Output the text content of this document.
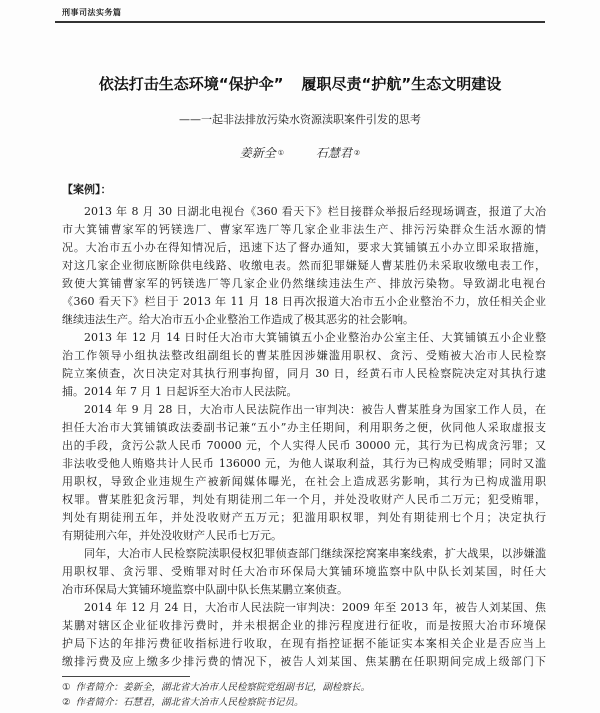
刑事司法实务篇
依法打击生态环境“保护伞” 履职尽责“护航”生态文明建设
——一起非法排放污染水资源渎职案件引发的思考
姜新全 ①	石慧君 ②
【案例】：
2013 年 8 月 30 日湖北电视台《360 看天下》栏目接群众举报后经现场调查，报道了大冶
市大箕铺曹家军的钙镁选厂、曹家军选厂等几家企业非法生产、排污污染群众生活水源的情
况。大冶市五小办在得知情况后，迅速下达了督办通知，要求大箕铺镇五小办立即采取措施，
对这几家企业彻底断除供电线路、收缴电表。然而犯罪嫌疑人曹某胜仍未采取收缴电表工作，
致使大箕铺曹家军的钙镁选厂等几家企业仍然继续违法生产、排放污染物。导致湖北电视台
《360 看天下》栏目于 2013 年 11 月 18 日再次报道大冶市五小企业整治不力，放任相关企业
继续违法生产。给大冶市五小企业整治工作造成了极其恶劣的社会影响。
2013 年 12 月 14 日时任大冶市大箕铺镇五小企业整治办公室主任、大箕铺镇五小企业整
治工作领导小组执法整改组副组长的曹某胜因涉嫌滥用职权、贪污、受贿被大冶市人民检察
院立案侦查，次日决定对其执行刑事拘留，同月 30 日，经黄石市人民检察院决定对其执行逮
捕。2014 年 7 月 1 日起诉至大冶市人民法院。
2014 年 9 月 28 日，大冶市人民法院作出一审判决：被告人曹某胜身为国家工作人员，在
担任大冶市大箕铺镇政法委副书记兼“五小”办主任期间，利用职务之便，伙同他人采取虚报支
出的手段，贪污公款人民币 70000 元，个人实得人民币 30000 元，其行为已构成贪污罪；又
非法收受他人贿赂共计人民币 136000 元，为他人谋取利益，其行为已构成受贿罪；同时又滥
用职权，导致企业违规生产被新闻媒体曝光，在社会上造成恶劣影响，其行为已构成滥用职
权罪。曹某胜犯贪污罪，判处有期徒刑二年一个月，并处没收财产人民币二万元；犯受贿罪，
判处有期徒刑五年，并处没收财产五万元；犯滥用职权罪，判处有期徒刑七个月；决定执行
有期徒刑六年，并处没收财产人民币七万元。
同年，大冶市人民检察院渎职侵权犯罪侦查部门继续深挖窝案串案线索，扩大战果，以涉嫌滥
用职权罪、贪污罪、受贿罪对时任大冶市环保局大箕铺环境监察中队中队长刘某国，时任大
冶市环保局大箕铺环境监察中队副中队长焦某鹏立案侦查。
2014 年 12 月 24 日，大冶市人民法院一审判决：2009 年至 2013 年，被告人刘某国、焦
某鹏对辖区企业征收排污费时，并未根据企业的排污程度进行征收，而是按照大冶市环境保
护局下达的年排污费征收指标进行收取，在现有指控证据不能证实本案相关企业是否应当上
缴排污费及应上缴多少排污费的情况下，被告人刘某国、焦某鹏在任职期间完成上级部门下
① 作者简介：姜新全，湖北省大冶市人民检察院党组副书记，副检察长。
② 作者简介：石慧君，湖北省大冶市人民检察院书记员。
